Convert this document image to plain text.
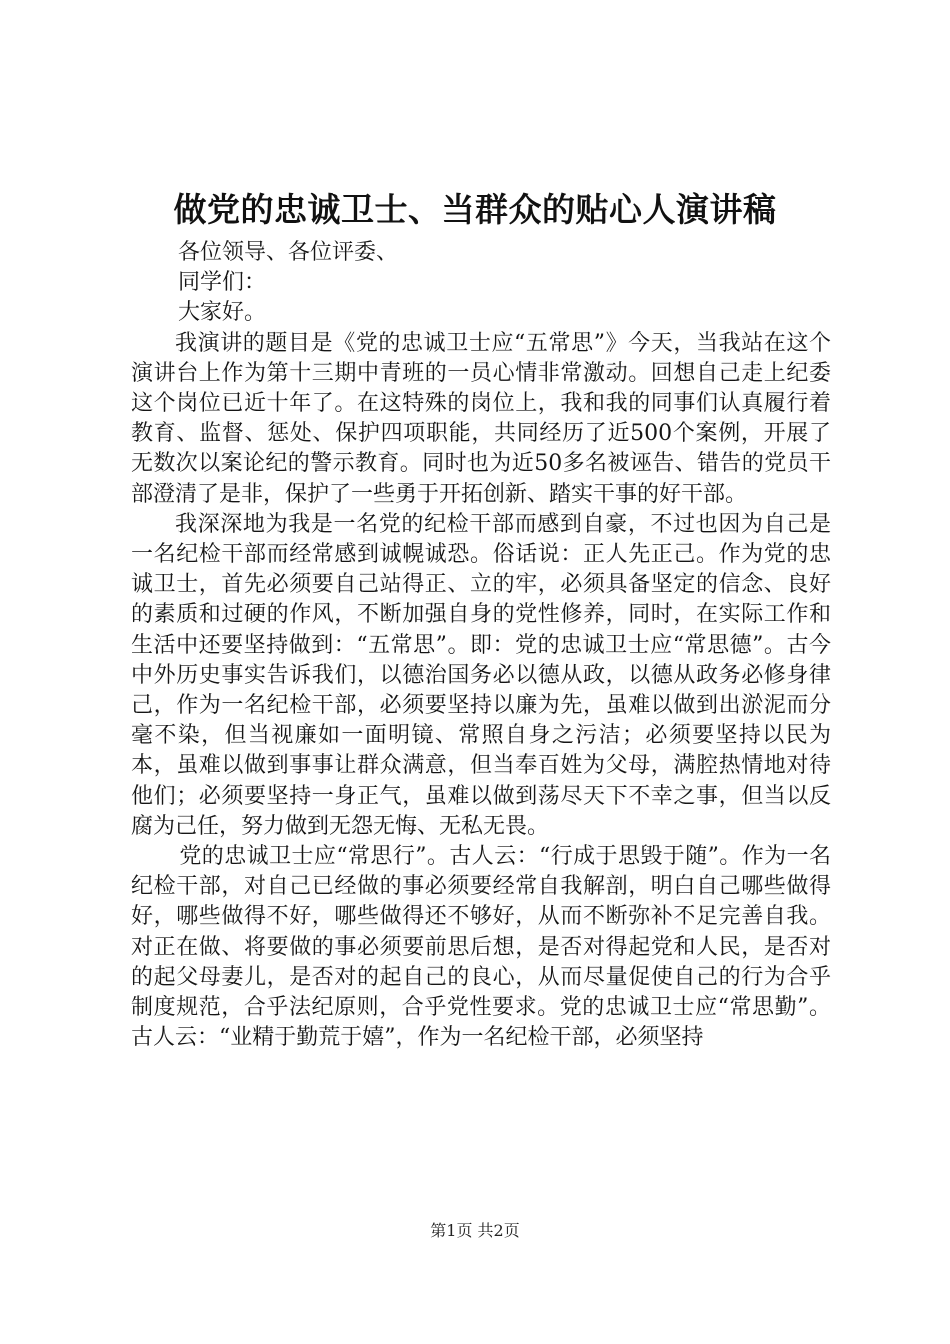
做党的忠诚卫士、当群众的贴心人演讲稿

各位领导、各位评委、

同学们：

大家好。

我演讲的题目是《党的忠诚卫士应“五常思”》今天，当我站在这个演讲台上作为第十三期中青班的一员心情非常激动。回想自己走上纪委这个岗位已近十年了。在这特殊的岗位上，我和我的同事们认真履行着教育、监督、惩处、保护四项职能，共同经历了近500个案例，开展了无数次以案论纪的警示教育。同时也为近50多名被诬告、错告的党员干部澄清了是非，保护了一些勇于开拓创新、踏实干事的好干部。

我深深地为我是一名党的纪检干部而感到自豪，不过也因为自己是一名纪检干部而经常感到诚幌诚恐。俗话说：正人先正己。作为党的忠诚卫士，首先必须要自己站得正、立的牢，必须具备坚定的信念、良好的素质和过硬的作风，不断加强自身的党性修养，同时，在实际工作和生活中还要坚持做到：“五常思”。即：党的忠诚卫士应“常思德”。古今中外历史事实告诉我们，以德治国务必以德从政，以德从政务必修身律己，作为一名纪检干部，必须要坚持以廉为先，虽难以做到出淤泥而分毫不染，但当视廉如一面明镜、常照自身之污洁；必须要坚持以民为本，虽难以做到事事让群众满意，但当奉百姓为父母，满腔热情地对待他们；必须要坚持一身正气，虽难以做到荡尽天下不幸之事，但当以反腐为己任，努力做到无怨无悔、无私无畏。

党的忠诚卫士应“常思行”。古人云：“行成于思毁于随”。作为一名纪检干部，对自己已经做的事必须要经常自我解剖，明白自己哪些做得好，哪些做得不好，哪些做得还不够好，从而不断弥补不足完善自我。对正在做、将要做的事必须要前思后想，是否对得起党和人民，是否对的起父母妻儿，是否对的起自己的良心，从而尽量促使自己的行为合乎制度规范，合乎法纪原则，合乎党性要求。党的忠诚卫士应“常思勤”。古人云：“业精于勤荒于嬉”，作为一名纪检干部，必须坚持

第1页 共2页
